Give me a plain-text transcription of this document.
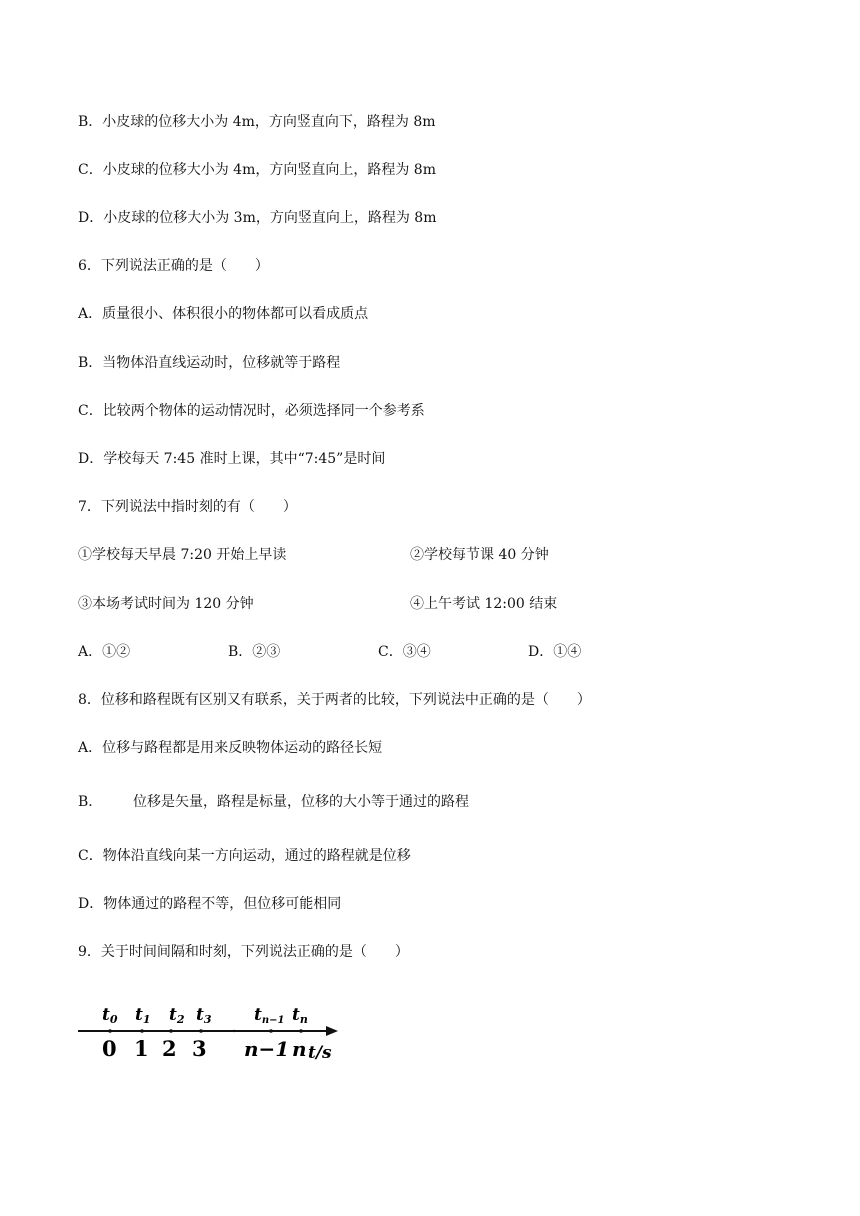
B．小皮球的位移大小为 4m，方向竖直向下，路程为 8m
C．小皮球的位移大小为 4m，方向竖直向上，路程为 8m
D．小皮球的位移大小为 3m，方向竖直向上，路程为 8m
6．下列说法正确的是（　　）
A．质量很小、体积很小的物体都可以看成质点
B．当物体沿直线运动时，位移就等于路程
C．比较两个物体的运动情况时，必须选择同一个参考系
D．学校每天 7:45 准时上课，其中“7:45”是时间
7．下列说法中指时刻的有（　　）
①学校每天早晨 7:20 开始上早读	②学校每节课 40 分钟
③本场考试时间为 120 分钟	④上午考试 12:00 结束
A．①②	B．②③	C．③④	D．①④
8．位移和路程既有区别又有联系，关于两者的比较，下列说法中正确的是（　　）
A．位移与路程都是用来反映物体运动的路径长短
B． 位移是矢量，路程是标量，位移的大小等于通过的路程
C．物体沿直线向某一方向运动，通过的路程就是位移
D．物体通过的路程不等，但位移可能相同
9．关于时间间隔和时刻，下列说法正确的是（　　）
t0 t1 t2 t3 tn−1 tn
0 1 2 3 n−1 n t/s
